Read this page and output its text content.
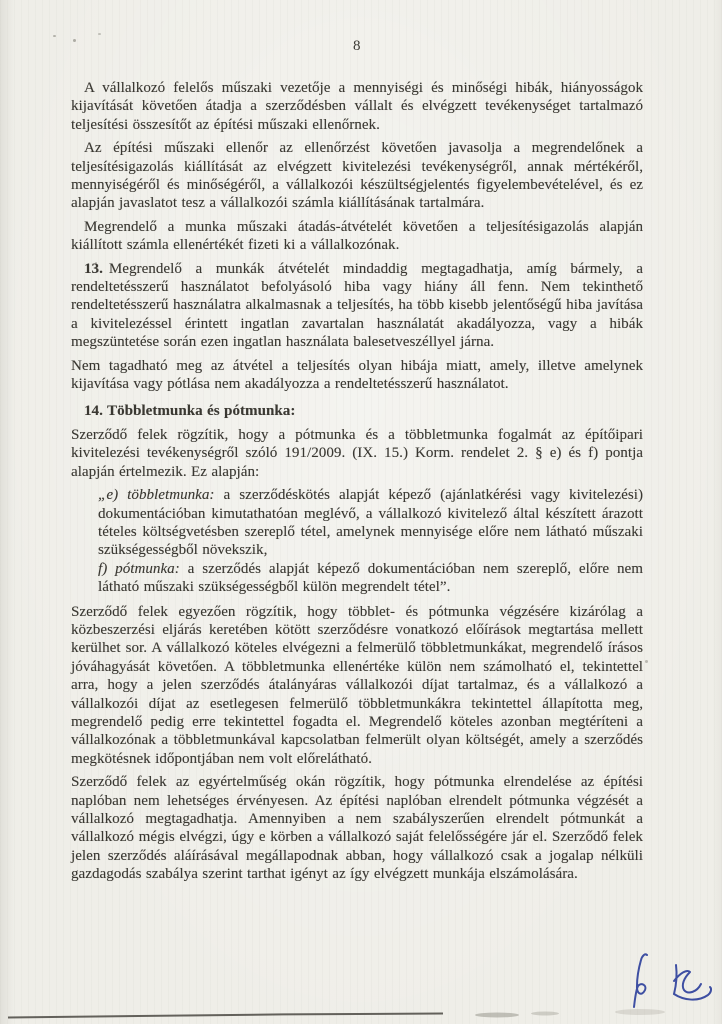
8

A vállalkozó felelős műszaki vezetője a mennyiségi és minőségi hibák, hiányosságok kijavítását követően átadja a szerződésben vállalt és elvégzett tevékenységet tartalmazó teljesítési összesítőt az építési műszaki ellenőrnek.

Az építési műszaki ellenőr az ellenőrzést követően javasolja a megrendelőnek a teljesítésigazolás kiállítását az elvégzett kivitelezési tevékenységről, annak mértékéről, mennyiségéről és minőségéről, a vállalkozói készültségjelentés figyelembevételével, és ez alapján javaslatot tesz a vállalkozói számla kiállításának tartalmára.

Megrendelő a munka műszaki átadás-átvételét követően a teljesítésigazolás alapján kiállított számla ellenértékét fizeti ki a vállalkozónak.

13. Megrendelő a munkák átvételét mindaddig megtagadhatja, amíg bármely, a rendeltetésszerű használatot befolyásoló hiba vagy hiány áll fenn. Nem tekinthető rendeltetésszerű használatra alkalmasnak a teljesítés, ha több kisebb jelentőségű hiba javítása a kivitelezéssel érintett ingatlan zavartalan használatát akadályozza, vagy a hibák megszüntetése során ezen ingatlan használata balesetveszéllyel járna.

Nem tagadható meg az átvétel a teljesítés olyan hibája miatt, amely, illetve amelynek kijavítása vagy pótlása nem akadályozza a rendeltetésszerű használatot.

14. Többletmunka és pótmunka:

Szerződő felek rögzítik, hogy a pótmunka és a többletmunka fogalmát az építőipari kivitelezési tevékenységről szóló 191/2009. (IX. 15.) Korm. rendelet 2. § e) és f) pontja alapján értelmezik. Ez alapján:

„e) többletmunka: a szerződéskötés alapját képező (ajánlatkérési vagy kivitelezési) dokumentációban kimutathatóan meglévő, a vállalkozó kivitelező által készített árazott tételes költségvetésben szereplő tétel, amelynek mennyisége előre nem látható műszaki szükségességből növekszik,

f) pótmunka: a szerződés alapját képező dokumentációban nem szereplő, előre nem látható műszaki szükségességből külön megrendelt tétel”.

Szerződő felek egyezően rögzítik, hogy többlet- és pótmunka végzésére kizárólag a közbeszerzési eljárás keretében kötött szerződésre vonatkozó előírások megtartása mellett kerülhet sor. A vállalkozó köteles elvégezni a felmerülő többletmunkákat, megrendelő írásos jóváhagyását követően. A többletmunka ellenértéke külön nem számolható el, tekintettel arra, hogy a jelen szerződés átalányáras vállalkozói díjat tartalmaz, és a vállalkozó a vállalkozói díjat az esetlegesen felmerülő többletmunkákra tekintettel állapította meg, megrendelő pedig erre tekintettel fogadta el. Megrendelő köteles azonban megtéríteni a vállalkozónak a többletmunkával kapcsolatban felmerült olyan költségét, amely a szerződés megkötésnek időpontjában nem volt előrelátható.

Szerződő felek az egyértelműség okán rögzítik, hogy pótmunka elrendelése az építési naplóban nem lehetséges érvényesen. Az építési naplóban elrendelt pótmunka végzését a vállalkozó megtagadhatja. Amennyiben a nem szabályszerűen elrendelt pótmunkát a vállalkozó mégis elvégzi, úgy e körben a vállalkozó saját felelősségére jár el. Szerződő felek jelen szerződés aláírásával megállapodnak abban, hogy vállalkozó csak a jogalap nélküli gazdagodás szabálya szerint tarthat igényt az így elvégzett munkája elszámolására.
